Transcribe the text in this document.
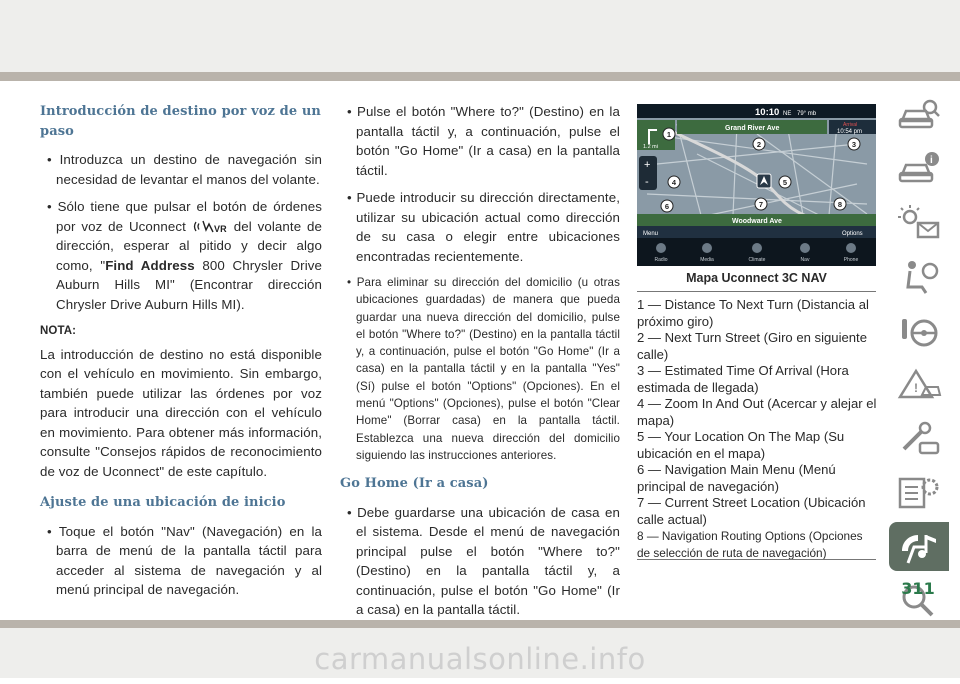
Introducción de destino por voz de un paso

• Introduzca un destino de navegación sin necesidad de levantar el manos del volante.

• Sólo tiene que pulsar el botón de órdenes por voz de Uconnect	VR del volante de dirección, esperar al pitido y decir algo como, "Find Address 800 Chrysler Drive Auburn Hills MI" (Encontrar dirección Chrysler Drive Auburn Hills MI).

NOTA:

La introducción de destino no está disponible con el vehículo en movimiento. Sin embargo, también puede utilizar las órdenes por voz para introducir una dirección con el vehículo en movimiento. Para obtener más información, consulte "Consejos rápidos de reconocimiento de voz de Uconnect" de este capítulo.

Ajuste de una ubicación de inicio

• Toque el botón "Nav" (Navegación) en la barra de menú de la pantalla táctil para acceder al sistema de navegación y al menú principal de navegación.

• Pulse el botón "Where to?" (Destino) en la pantalla táctil y, a continuación, pulse el botón "Go Home" (Ir a casa) en la pantalla táctil.

• Puede introducir su dirección directamente, utilizar su ubicación actual como dirección de su casa o elegir entre ubicaciones encontradas recientemente.

• Para eliminar su dirección del domicilio (u otras ubicaciones guardadas) de manera que pueda guardar una nueva dirección del domicilio, pulse el botón "Where to?" (Destino) en la pantalla táctil y, a continuación, pulse el botón "Go Home" (Ir a casa) en la pantalla táctil y en la pantalla "Yes" (Sí) pulse el botón "Options" (Opciones). En el menú "Options" (Opciones), pulse el botón "Clear Home" (Borrar casa) en la pantalla táctil. Establezca una nueva dirección del domicilio siguiendo las instrucciones anteriores.

Go Home (Ir a casa)

• Debe guardarse una ubicación de casa en el sistema. Desde el menú de navegación principal pulse el botón "Where to?" (Destino) en la pantalla táctil y, a continuación, pulse el botón "Go Home" (Ir a casa) en la pantalla táctil.

10:10 NE 79° mb
Grand River Ave
1.2 mi
Arrival
10:54 pm
+
-
Woodward Ave
Menu	Options
1
2	3
4	5
6	7	8
Radio	Media	Climate	Nav	Phone
Mapa Uconnect 3C NAV

1 — Distance To Next Turn (Distancia al próximo giro)

2 — Next Turn Street (Giro en siguiente calle)

3 — Estimated Time Of Arrival (Hora estimada de llegada)

4 — Zoom In And Out (Acercar y alejar el mapa)

5 — Your Location On The Map (Su ubicación en el mapa)

6 — Navigation Main Menu (Menú principal de navegación)

7 — Current Street Location (Ubicación calle actual)

8 — Navigation Routing Options (Opciones de selección de ruta de navegación)

i
!
311
carmanualsonline.info
